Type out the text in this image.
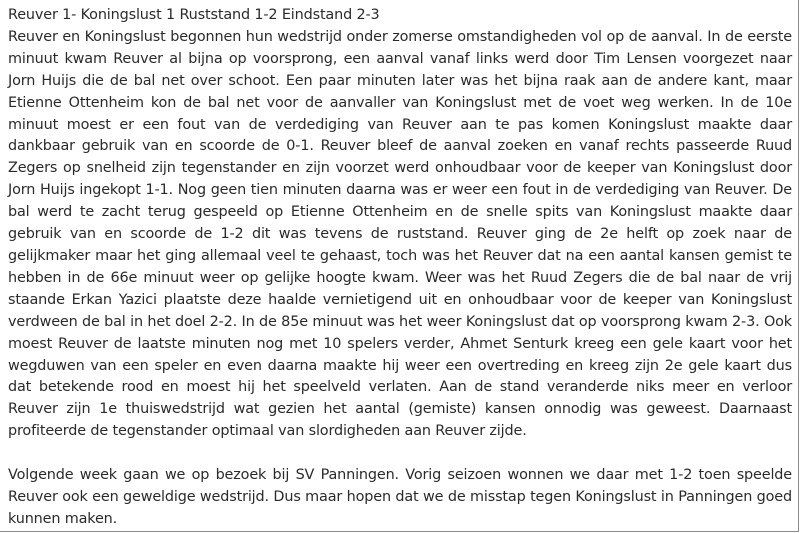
Reuver 1- Koningslust 1 Ruststand 1-2 Eindstand 2-3

Reuver en Koningslust begonnen hun wedstrijd onder zomerse omstandigheden vol op de aanval. In de eerste minuut kwam Reuver al bijna op voorsprong, een aanval vanaf links werd door Tim Lensen voorgezet naar Jorn Huijs die de bal net over schoot. Een paar minuten later was het bijna raak aan de andere kant, maar Etienne Ottenheim kon de bal net voor de aanvaller van Koningslust met de voet weg werken. In de 10e minuut moest er een fout van de verdediging van Reuver aan te pas komen Koningslust maakte daar dankbaar gebruik van en scoorde de 0-1. Reuver bleef de aanval zoeken en vanaf rechts passeerde Ruud Zegers op snelheid zijn tegenstander en zijn voorzet werd onhoudbaar voor de keeper van Koningslust door Jorn Huijs ingekopt 1-1. Nog geen tien minuten daarna was er weer een fout in de verdediging van Reuver. De bal werd te zacht terug gespeeld op Etienne Ottenheim en de snelle spits van Koningslust maakte daar gebruik van en scoorde de 1-2 dit was tevens de ruststand. Reuver ging de 2e helft op zoek naar de gelijkmaker maar het ging allemaal veel te gehaast, toch was het Reuver dat na een aantal kansen gemist te hebben in de 66e minuut weer op gelijke hoogte kwam. Weer was het Ruud Zegers die de bal naar de vrij staande Erkan Yazici plaatste deze haalde vernietigend uit en onhoudbaar voor de keeper van Koningslust verdween de bal in het doel 2-2. In de 85e minuut was het weer Koningslust dat op voorsprong kwam 2-3. Ook moest Reuver de laatste minuten nog met 10 spelers verder, Ahmet Senturk kreeg een gele kaart voor het wegduwen van een speler en even daarna maakte hij weer een overtreding en kreeg zijn 2e gele kaart dus dat betekende rood en moest hij het speelveld verlaten. Aan de stand veranderde niks meer en verloor Reuver zijn 1e thuiswedstrijd wat gezien het aantal (gemiste) kansen onnodig was geweest. Daarnaast profiteerde de tegenstander optimaal van slordigheden aan Reuver zijde.

Volgende week gaan we op bezoek bij SV Panningen. Vorig seizoen wonnen we daar met 1-2 toen speelde Reuver ook een geweldige wedstrijd. Dus maar hopen dat we de misstap tegen Koningslust in Panningen goed kunnen maken.
